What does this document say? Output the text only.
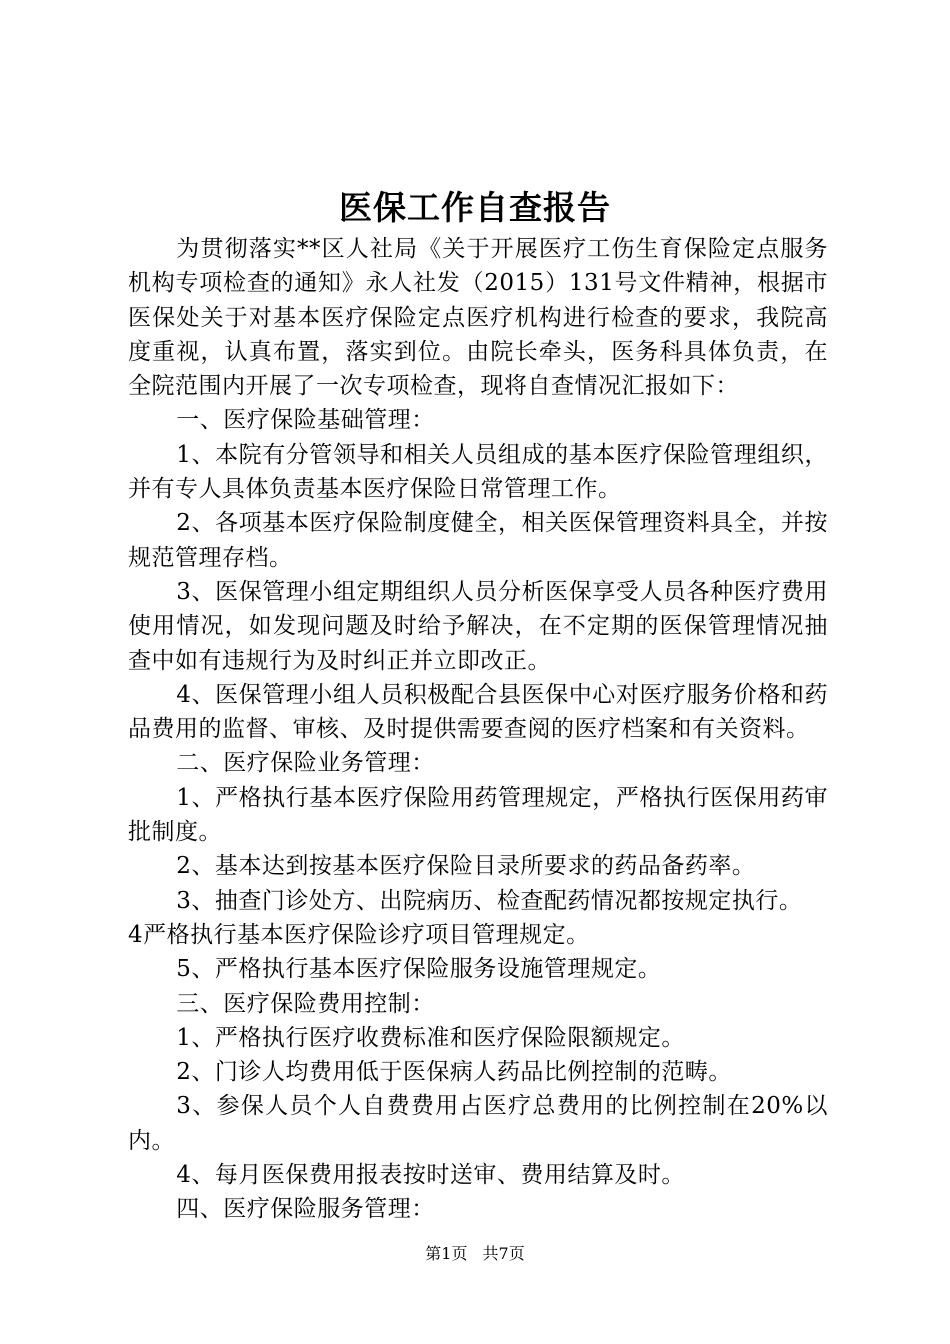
医保工作自查报告

为贯彻落实**区人社局《关于开展医疗工伤生育保险定点服务机构专项检查的通知》永人社发（2015）131号文件精神，根据市医保处关于对基本医疗保险定点医疗机构进行检查的要求，我院高度重视，认真布置，落实到位。由院长牵头，医务科具体负责，在全院范围内开展了一次专项检查，现将自查情况汇报如下：

一、医疗保险基础管理：

1、本院有分管领导和相关人员组成的基本医疗保险管理组织，并有专人具体负责基本医疗保险日常管理工作。

2、各项基本医疗保险制度健全，相关医保管理资料具全，并按规范管理存档。

3、医保管理小组定期组织人员分析医保享受人员各种医疗费用使用情况，如发现问题及时给予解决，在不定期的医保管理情况抽查中如有违规行为及时纠正并立即改正。

4、医保管理小组人员积极配合县医保中心对医疗服务价格和药品费用的监督、审核、及时提供需要查阅的医疗档案和有关资料。

二、医疗保险业务管理：

1、严格执行基本医疗保险用药管理规定，严格执行医保用药审批制度。

2、基本达到按基本医疗保险目录所要求的药品备药率。

3、抽查门诊处方、出院病历、检查配药情况都按规定执行。

4严格执行基本医疗保险诊疗项目管理规定。

5、严格执行基本医疗保险服务设施管理规定。

三、医疗保险费用控制：

1、严格执行医疗收费标准和医疗保险限额规定。

2、门诊人均费用低于医保病人药品比例控制的范畴。

3、参保人员个人自费费用占医疗总费用的比例控制在20%以内。

4、每月医保费用报表按时送审、费用结算及时。

四、医疗保险服务管理：

第1页 共7页
